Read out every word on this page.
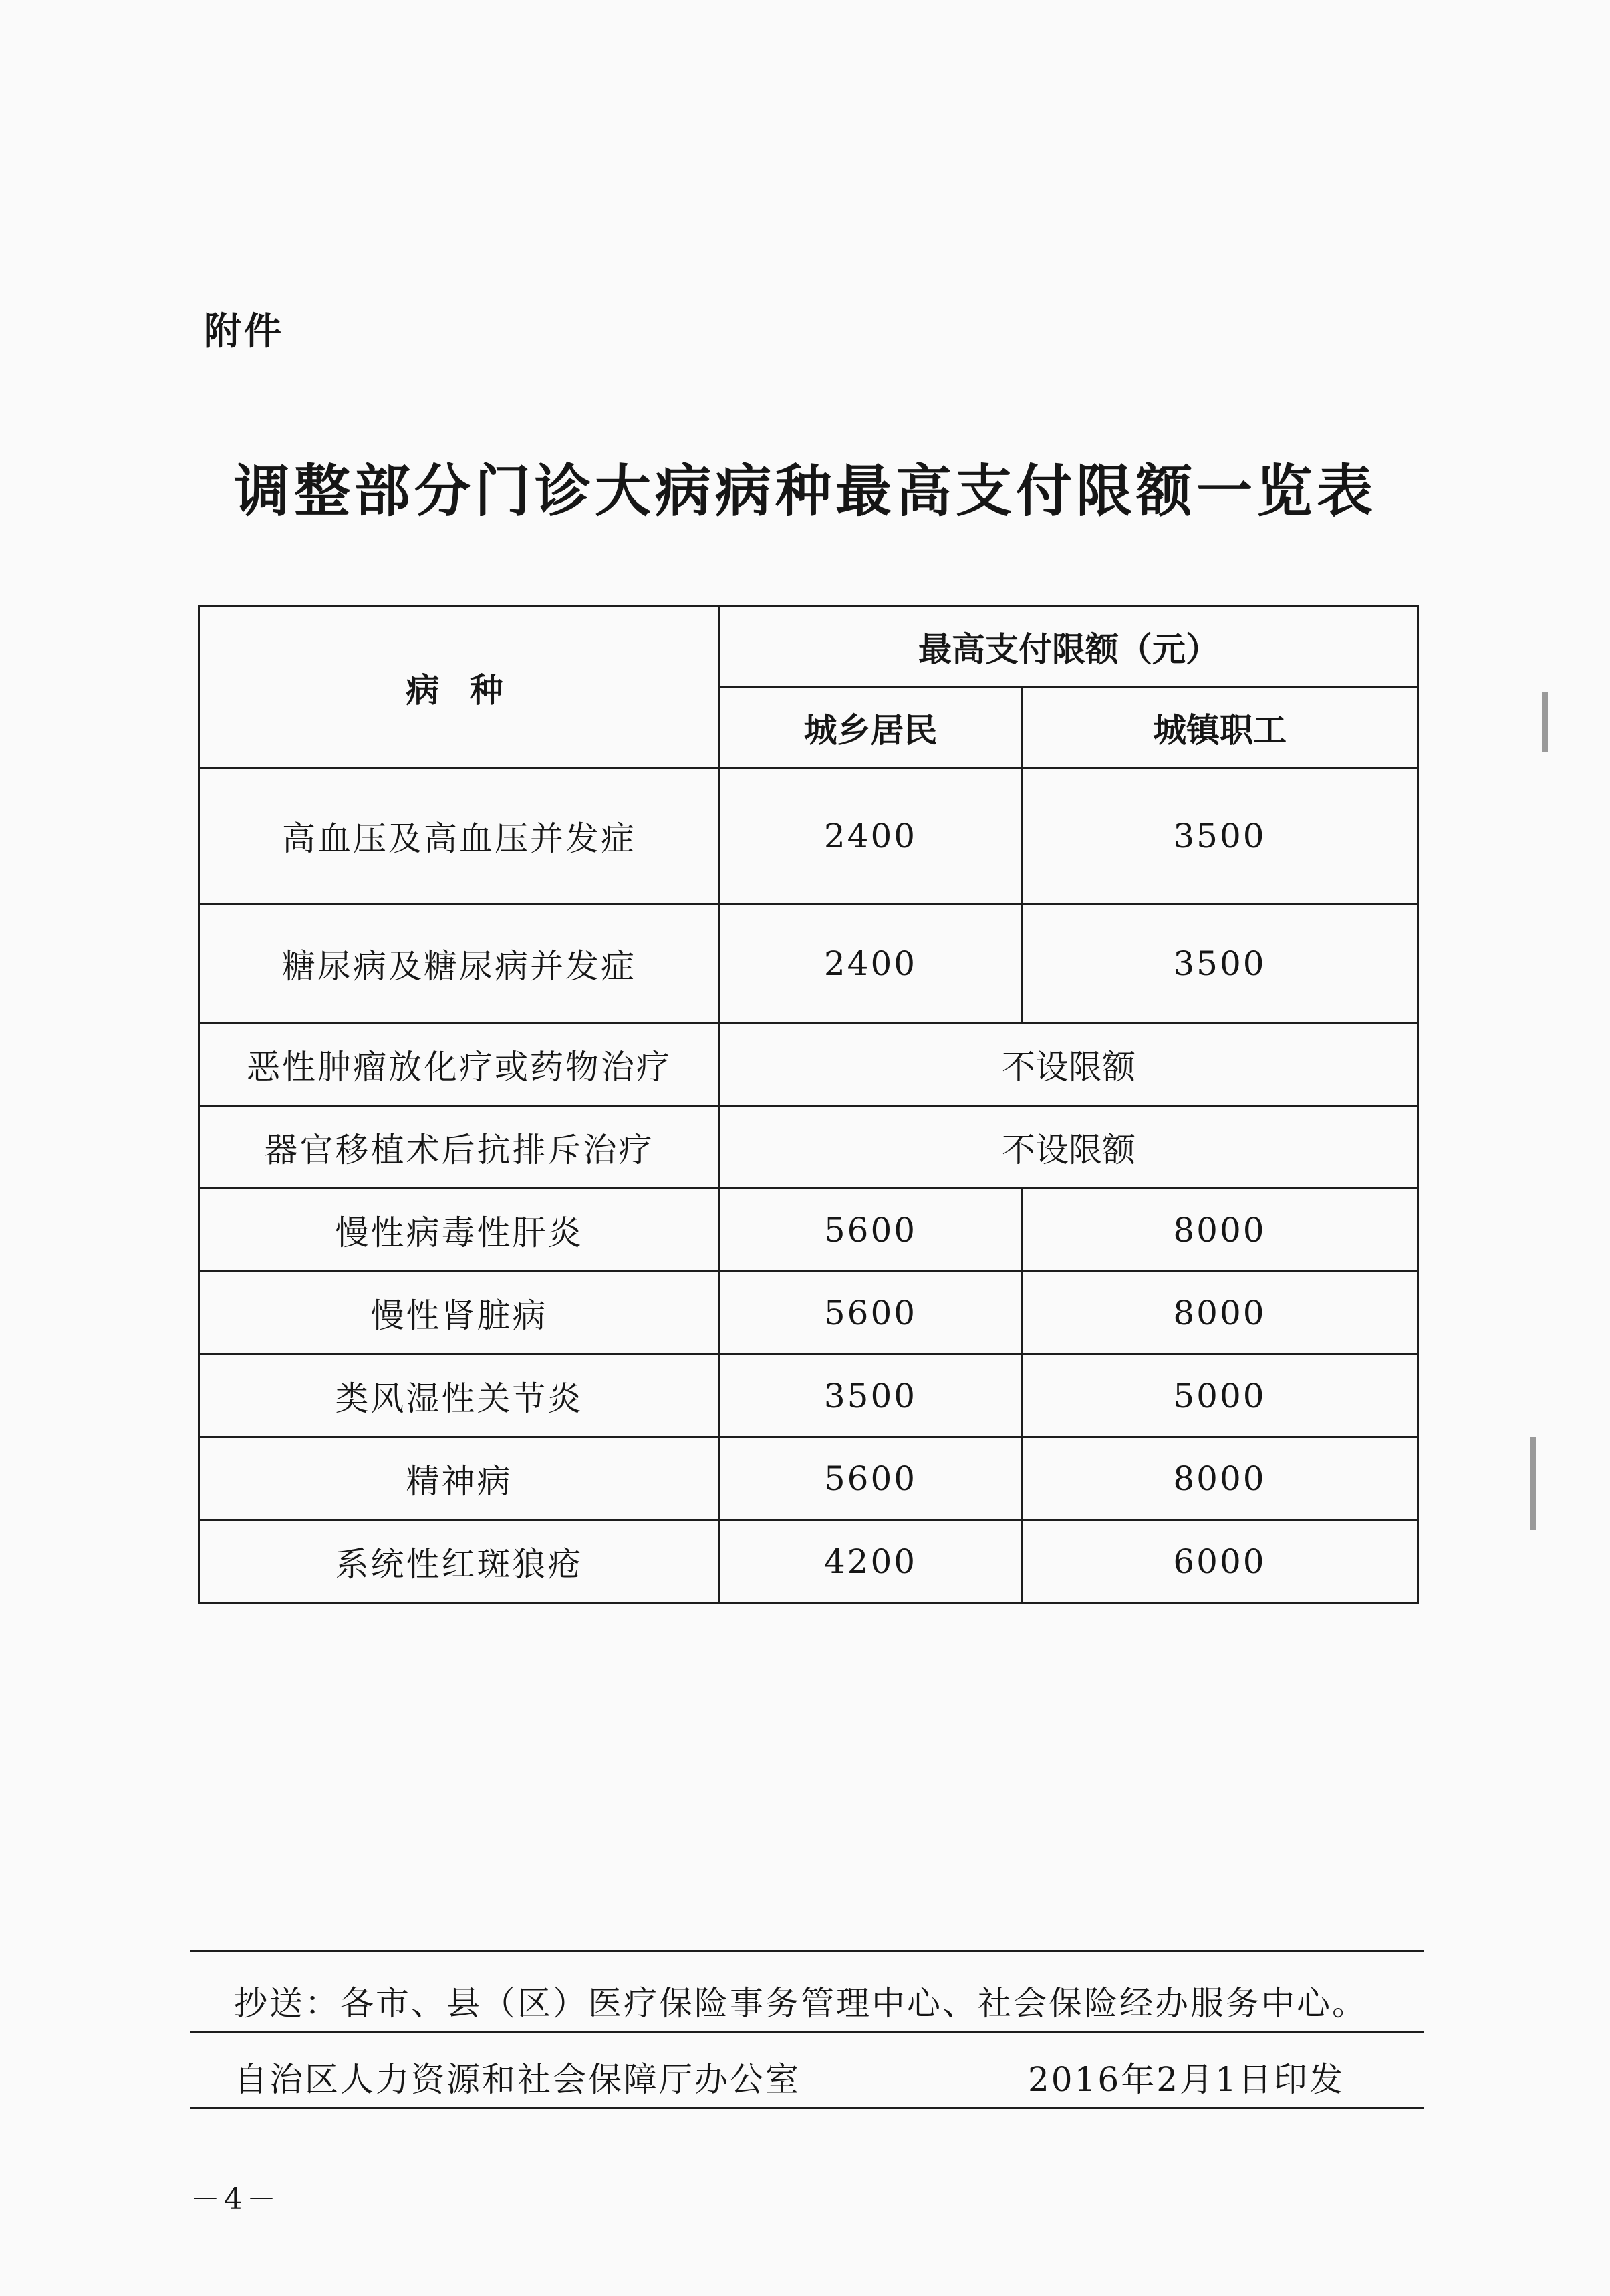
附件
调整部分门诊大病病种最高支付限额一览表
病 种	最高支付限额（元）	
	城乡居民	城镇职工
高血压及高血压并发症	2400	3500
糖尿病及糖尿病并发症	2400	3500
恶性肿瘤放化疗或药物治疗	不设限额	
器官移植术后抗排斥治疗	不设限额	
慢性病毒性肝炎	5600	8000
慢性肾脏病	5600	8000
类风湿性关节炎	3500	5000
精神病	5600	8000
系统性红斑狼疮	4200	6000
抄送：各市、县（区）医疗保险事务管理中心、社会保险经办服务中心。
自治区人力资源和社会保障厅办公室	2016年2月1日印发
－4－
